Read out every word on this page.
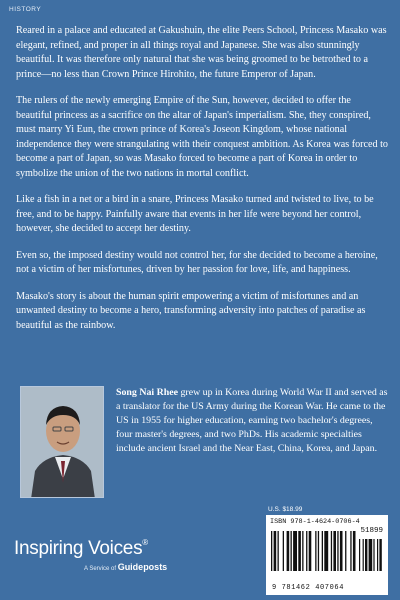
HISTORY

Reared in a palace and educated at Gakushuin, the elite Peers School, Princess Masako was elegant, refined, and proper in all things royal and Japanese. She was also stunningly beautiful. It was therefore only natural that she was being groomed to be betrothed to a prince—no less than Crown Prince Hirohito, the future Emperor of Japan.

The rulers of the newly emerging Empire of the Sun, however, decided to offer the beautiful princess as a sacrifice on the altar of Japan's imperialism. She, they conspired, must marry Yi Eun, the crown prince of Korea's Joseon Kingdom, whose national independence they were strangulating with their conquest ambition. As Korea was forced to become a part of Japan, so was Masako forced to become a part of Korea in order to symbolize the union of the two nations in mortal conflict.

Like a fish in a net or a bird in a snare, Princess Masako turned and twisted to live, to be free, and to be happy. Painfully aware that events in her life were beyond her control, however, she decided to accept her destiny.

Even so, the imposed destiny would not control her, for she decided to become a heroine, not a victim of her misfortunes, driven by her passion for love, life, and happiness.

Masako's story is about the human spirit empowering a victim of misfortunes and an unwanted destiny to become a hero, transforming adversity into patches of paradise as beautiful as the rainbow.

Song Nai Rhee grew up in Korea during World War II and served as a translator for the US Army during the Korean War. He came to the US in 1955 for higher education, earning two bachelor's degrees, four master's degrees, and two PhDs. His academic specialties include ancient Israel and the Near East, China, Korea, and Japan.
U.S. $18.99
ISBN 978-1-4624-0706-4
51899
9 781462 407064
Inspiring Voices®
A Service of Guideposts
